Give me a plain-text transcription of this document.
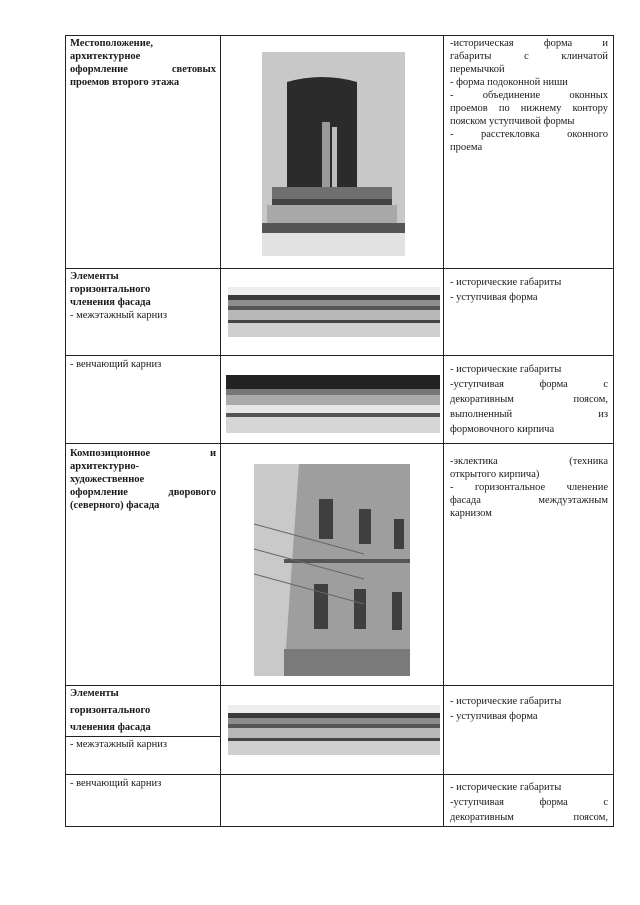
Местоположение,
архитектурное
оформление световых
проемов второго этажа
-историческая форма и
габариты с клинчатой
перемычкой
- форма подоконной ниши
- объединение оконных
проемов по нижнему контору
пояском уступчивой формы
- расстекловка оконного
проема
Элементы
горизонтального
членения фасада
- межэтажный карниз
- исторические габариты
- уступчивая форма
- венчающий карниз	- исторические габариты
-уступчивая форма с
декоративным поясом,
выполненный из
формовочного кирпича
Композиционное и
архитектурно-
художественное
оформление дворового
(северного) фасада
-эклектика (техника
открытого кирпича)
- горизонтальное членение
фасада междуэтажным
карнизом
Элементы
горизонтального
членения фасада
- межэтажный карниз
- исторические габариты
- уступчивая форма
- венчающий карниз	- исторические габариты
-уступчивая форма с
декоративным поясом,
